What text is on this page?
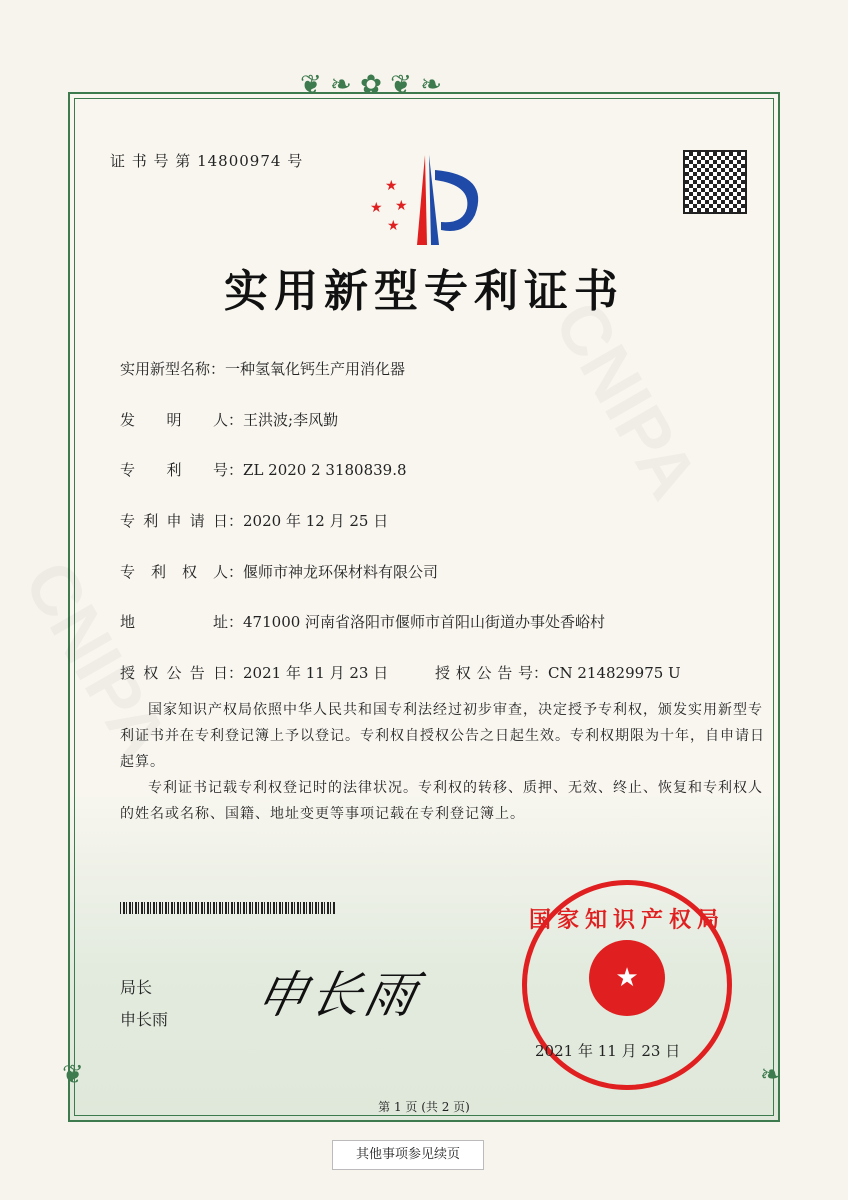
❦ ❧ ✿ ❦ ❧
❦	❧
证 书 号 第 14800974 号
★
★
★
★
实用新型专利证书
实用新型名称：一种氢氧化钙生产用消化器
发明人：王洪波;李风勤
专利号：ZL 2020 2 3180839.8
专利申请日：2020 年 12 月 25 日
专利权人：偃师市神龙环保材料有限公司
地址：471000 河南省洛阳市偃师市首阳山街道办事处香峪村
授权公告日：2021 年 11 月 23 日	授权公告号：CN 214829975 U
国家知识产权局依照中华人民共和国专利法经过初步审查，决定授予专利权，颁发实用新型专利证书并在专利登记簿上予以登记。专利权自授权公告之日起生效。专利权期限为十年，自申请日起算。
专利证书记载专利权登记时的法律状况。专利权的转移、质押、无效、终止、恢复和专利权人的姓名或名称、国籍、地址变更等事项记载在专利登记簿上。
局长
申长雨 申长雨
国家知识产权局
★
2021 年 11 月 23 日
第 1 页 (共 2 页)
其他事项参见续页
